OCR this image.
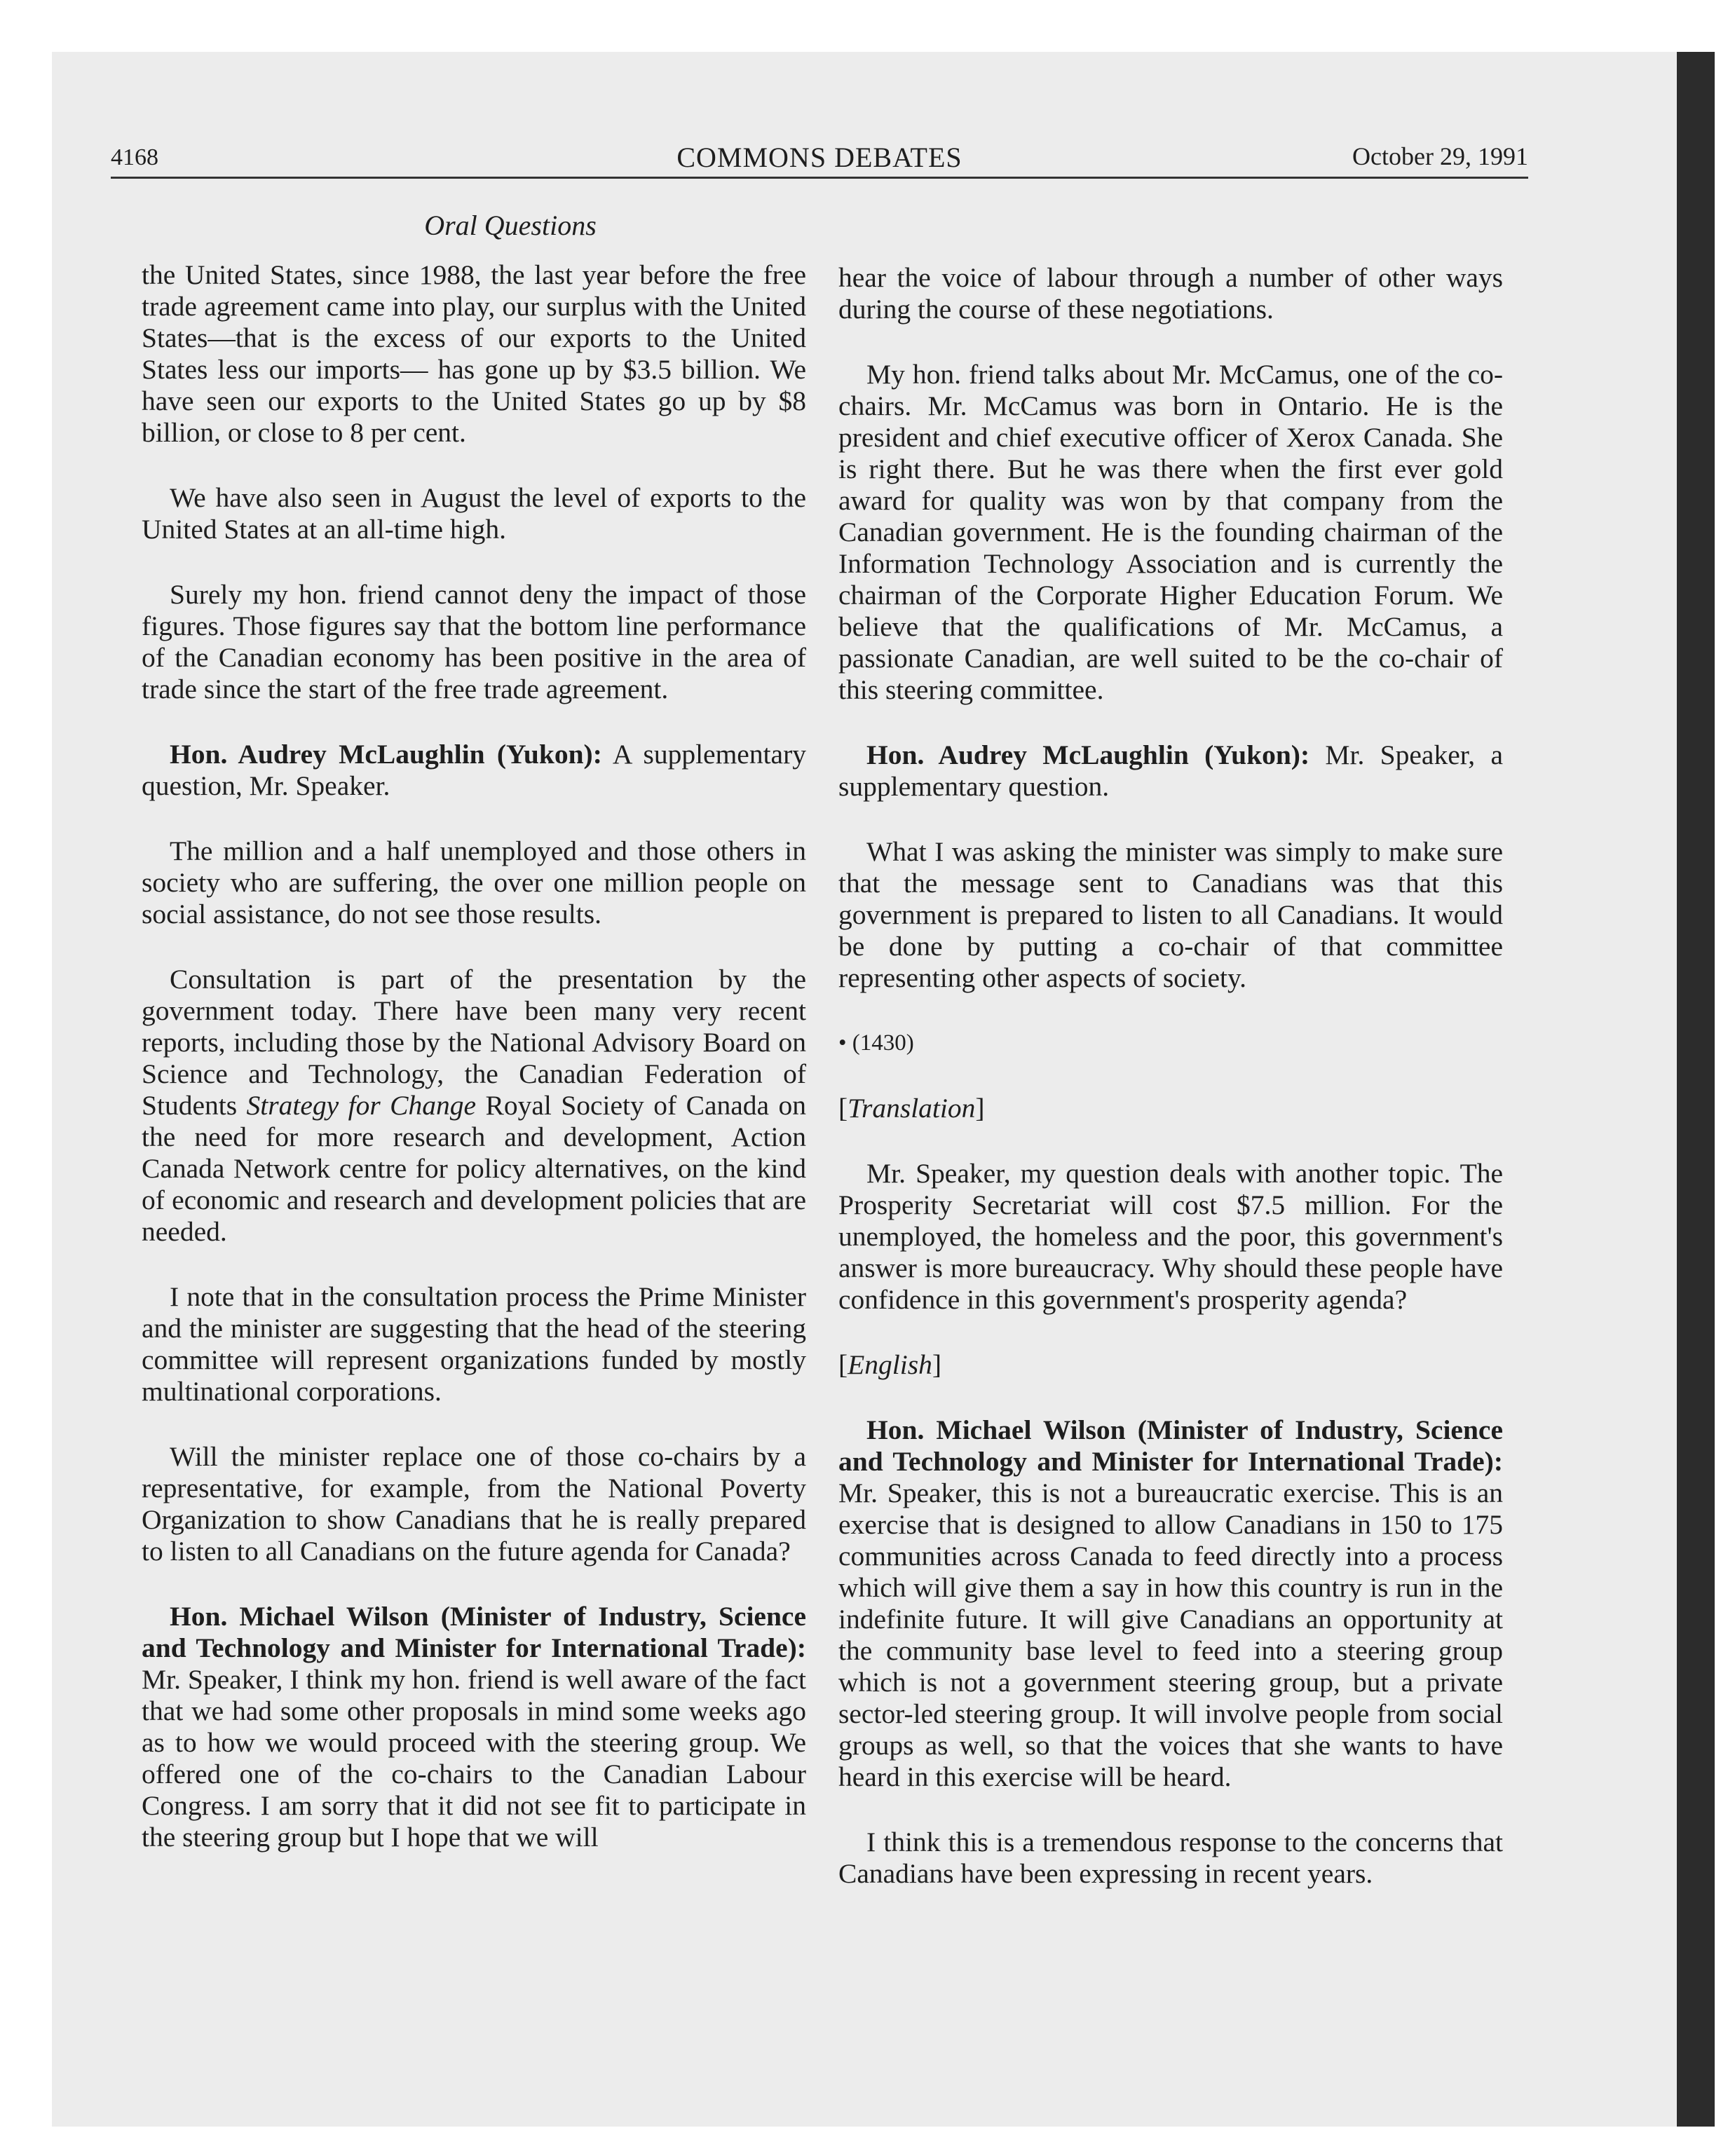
4168	COMMONS DEBATES	October 29, 1991
Oral Questions

the United States, since 1988, the last year before the free trade agreement came into play, our surplus with the United States—that is the excess of our exports to the United States less our imports— has gone up by $3.5 billion. We have seen our exports to the United States go up by $8 billion, or close to 8 per cent.

We have also seen in August the level of exports to the United States at an all-time high.

Surely my hon. friend cannot deny the impact of those figures. Those figures say that the bottom line performance of the Canadian economy has been positive in the area of trade since the start of the free trade agreement.

Hon. Audrey McLaughlin (Yukon): A supplementary question, Mr. Speaker.

The million and a half unemployed and those others in society who are suffering, the over one million people on social assistance, do not see those results.

Consultation is part of the presentation by the government today. There have been many very recent reports, including those by the National Advisory Board on Science and Technology, the Canadian Federation of Students Strategy for Change Royal Society of Canada on the need for more research and development, Action Canada Network centre for policy alternatives, on the kind of economic and research and development policies that are needed.

I note that in the consultation process the Prime Minister and the minister are suggesting that the head of the steering committee will represent organizations funded by mostly multinational corporations.

Will the minister replace one of those co-chairs by a representative, for example, from the National Poverty Organization to show Canadians that he is really prepared to listen to all Canadians on the future agenda for Canada?

Hon. Michael Wilson (Minister of Industry, Science and Technology and Minister for International Trade): Mr. Speaker, I think my hon. friend is well aware of the fact that we had some other proposals in mind some weeks ago as to how we would proceed with the steering group. We offered one of the co-chairs to the Canadian Labour Congress. I am sorry that it did not see fit to participate in the steering group but I hope that we will

hear the voice of labour through a number of other ways during the course of these negotiations.

My hon. friend talks about Mr. McCamus, one of the co-chairs. Mr. McCamus was born in Ontario. He is the president and chief executive officer of Xerox Canada. She is right there. But he was there when the first ever gold award for quality was won by that company from the Canadian government. He is the founding chairman of the Information Technology Association and is currently the chairman of the Corporate Higher Education Forum. We believe that the qualifications of Mr. McCamus, a passionate Canadian, are well suited to be the co-chair of this steering committee.

Hon. Audrey McLaughlin (Yukon): Mr. Speaker, a supplementary question.

What I was asking the minister was simply to make sure that the message sent to Canadians was that this government is prepared to listen to all Canadians. It would be done by putting a co-chair of that committee representing other aspects of society.

• (1430)

[Translation]

Mr. Speaker, my question deals with another topic. The Prosperity Secretariat will cost $7.5 million. For the unemployed, the homeless and the poor, this government's answer is more bureaucracy. Why should these people have confidence in this government's prosperity agenda?

[English]

Hon. Michael Wilson (Minister of Industry, Science and Technology and Minister for International Trade): Mr. Speaker, this is not a bureaucratic exercise. This is an exercise that is designed to allow Canadians in 150 to 175 communities across Canada to feed directly into a process which will give them a say in how this country is run in the indefinite future. It will give Canadians an opportunity at the community base level to feed into a steering group which is not a government steering group, but a private sector-led steering group. It will involve people from social groups as well, so that the voices that she wants to have heard in this exercise will be heard.

I think this is a tremendous response to the concerns that Canadians have been expressing in recent years.
